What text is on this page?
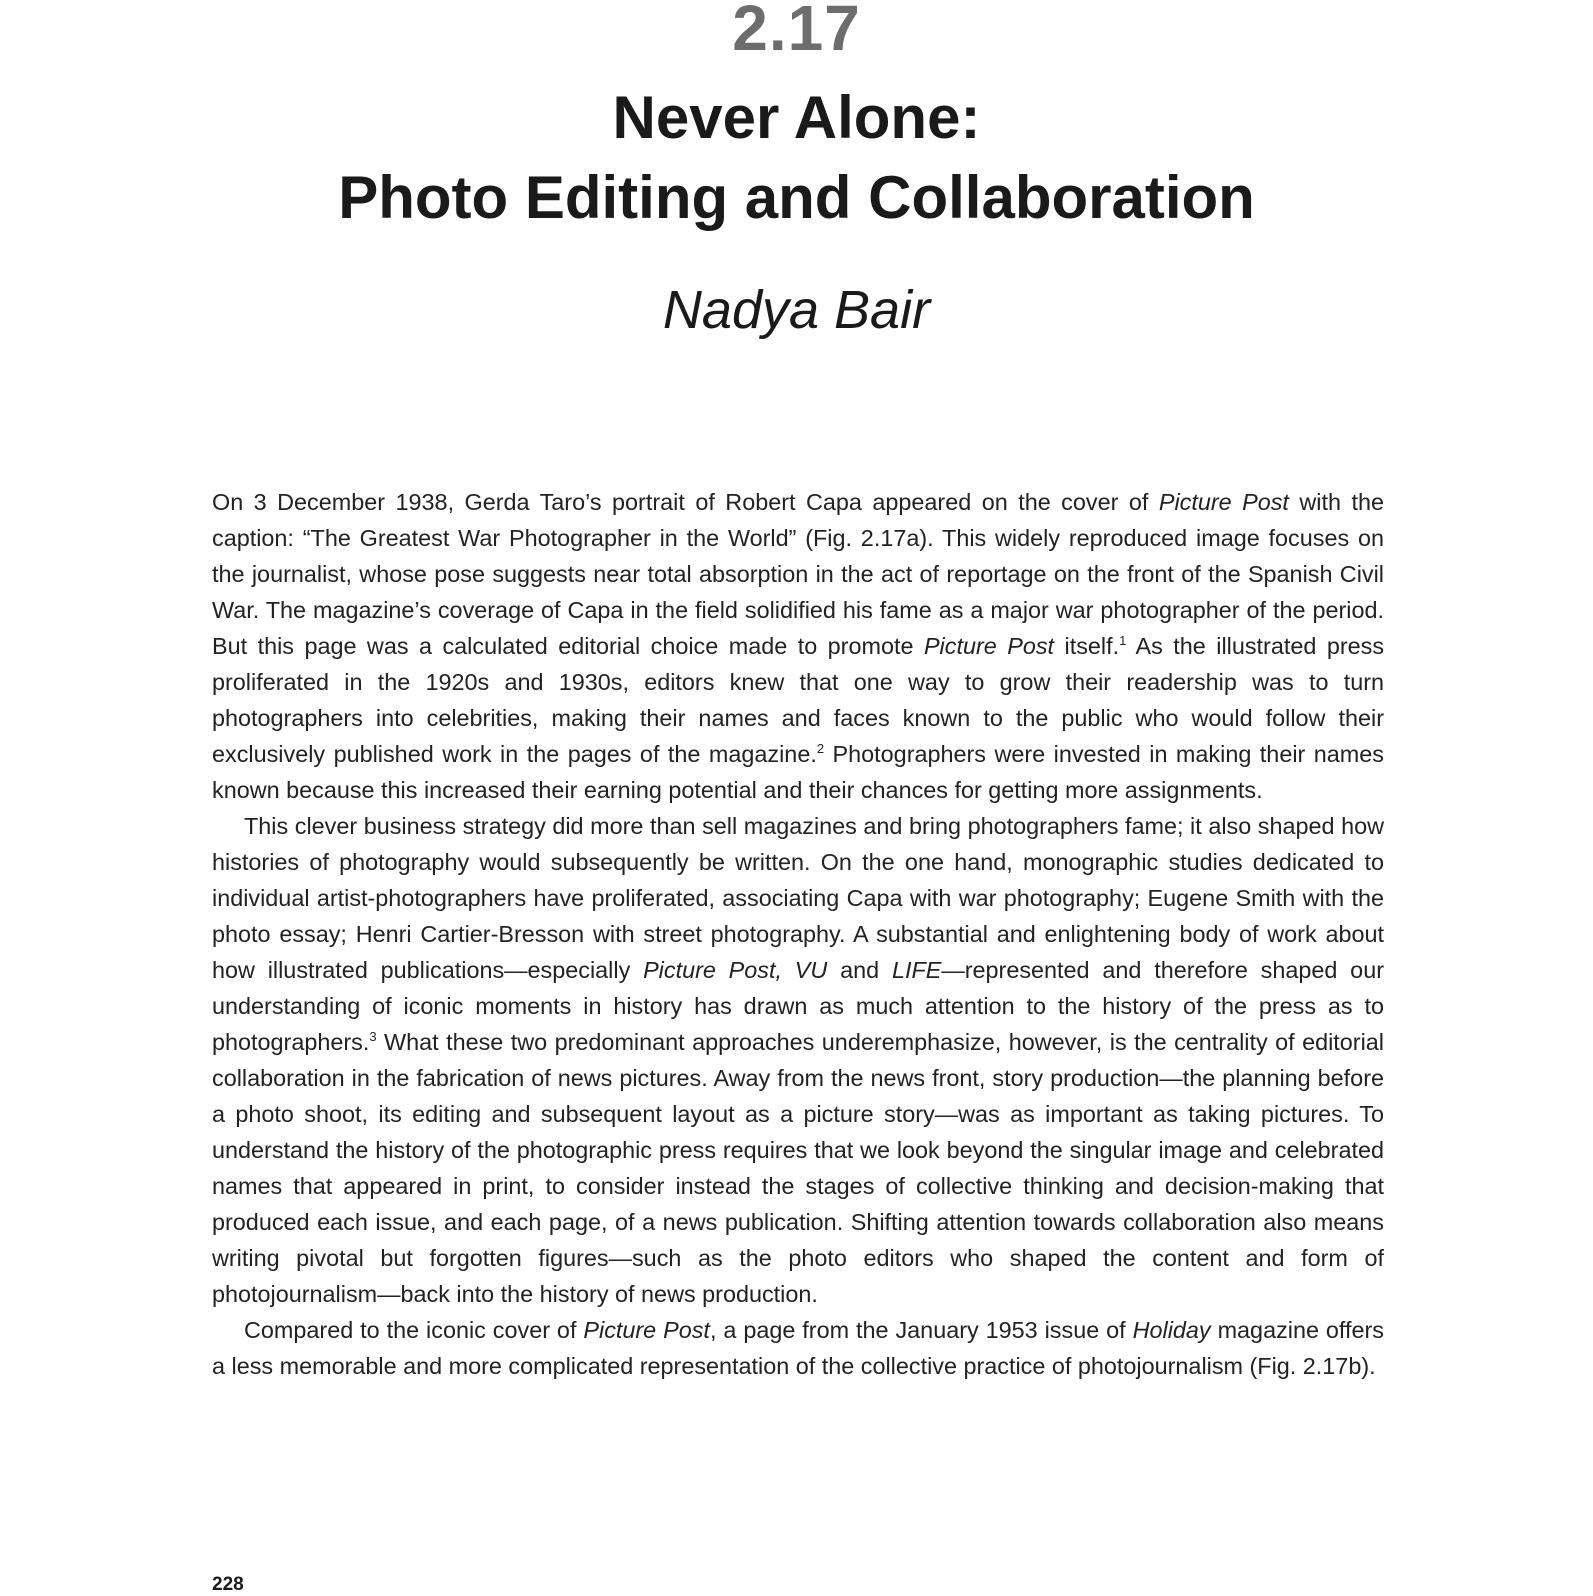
2.17
Never Alone:
Photo Editing and Collaboration
Nadya Bair

On 3 December 1938, Gerda Taro’s portrait of Robert Capa appeared on the cover of Picture Post with the caption: “The Greatest War Photographer in the World” (Fig. 2.17a). This widely reproduced image focuses on the journalist, whose pose suggests near total absorption in the act of reportage on the front of the Spanish Civil War. The magazine’s coverage of Capa in the field solidified his fame as a major war photographer of the period. But this page was a calculated editorial choice made to promote Picture Post itself.$^1$ As the illustrated press proliferated in the 1920s and 1930s, editors knew that one way to grow their readership was to turn photographers into celebrities, making their names and faces known to the public who would follow their exclusively published work in the pages of the magazine.$^2$ Photographers were invested in making their names known because this increased their earning potential and their chances for getting more assignments.

This clever business strategy did more than sell magazines and bring photographers fame; it also shaped how histories of photography would subsequently be written. On the one hand, monographic studies dedicated to individual artist-photographers have proliferated, associating Capa with war photography; Eugene Smith with the photo essay; Henri Cartier-Bresson with street photography. A substantial and enlightening body of work about how illustrated publications—especially Picture Post, VU and LIFE—represented and therefore shaped our understanding of iconic moments in history has drawn as much attention to the history of the press as to photographers.$^3$ What these two predominant approaches underemphasize, however, is the centrality of editorial collaboration in the fabrication of news pictures. Away from the news front, story production—the planning before a photo shoot, its editing and subsequent layout as a picture story—was as important as taking pictures. To understand the history of the photographic press requires that we look beyond the singular image and celebrated names that appeared in print, to consider instead the stages of collective thinking and decision-making that produced each issue, and each page, of a news publication. Shifting attention towards collaboration also means writing pivotal but forgotten figures—such as the photo editors who shaped the content and form of photojournalism—back into the history of news production.

Compared to the iconic cover of Picture Post, a page from the January 1953 issue of Holiday magazine offers a less memorable and more complicated representation of the collective practice of photojournalism (Fig. 2.17b).

228
